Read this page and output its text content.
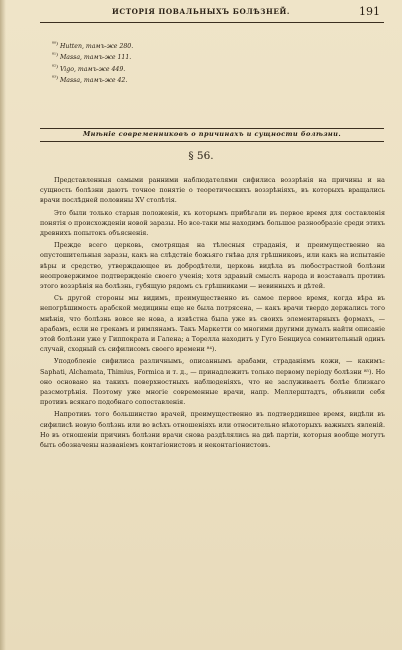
ИСТОРІЯ ПОВАЛЬНЫХЪ БОЛѢЗНЕЙ.	191
$^{^{80})}$ Hutten, тамъ-же 280.
$^{^{81})}$ Massa, тамъ-же 111.
$^{^{82})}$ Vigo, тамъ-же 449.
$^{^{83})}$ Massa, тамъ-же 42.
Мнѣніе современниковъ о причинахъ и сущности болѣзни.
§ 56.

Представленныя самыми ранними наблюдателями сифилиса воззрѣнія на причины и на сущность болѣзни даютъ точное понятіе о теоретическихъ воззрѣніяхъ, въ которыхъ вращались врачи послѣдней половины XV столѣтія.

Это были только старыя положенія, къ которымъ прибѣгали въ первое время для составленія понятія о происхожденіи новой заразы. Но все-таки мы находимъ большое разнообразіе среди этихъ древнихъ попытокъ объясненія.

Прежде всего церковь, смотрящая на тѣлесныя страданія, и преимущественно на опустошительныя заразы, какъ на слѣдствіе божьяго гнѣва для грѣшниковъ, или какъ на испытаніе вѣры и средство, утверждающее въ добродѣтели, церковь видѣла въ любострастной болѣзни неопровержимое подтвержденіе своего ученія; хотя здравый смыслъ народа и возставалъ противъ этого воззрѣнія на болѣзнь, губящую рядомъ съ грѣшниками — невинныхъ и дѣтей.

Съ другой стороны мы видимъ, преимущественно въ самое первое время, когда вѣра въ непогрѣшимость арабской медицины еще не была потрясена, — какъ врачи твердо держались того мнѣнія, что болѣзнь вовсе не нова, а извѣстна была уже въ своихъ элементарныхъ формахъ, — арабамъ, если не грекамъ и римлянамъ. Такъ Маркетти со многими другими думалъ найти описаніе этой болѣзни уже у Гиппократа и Галена; а Торелла находитъ у Гуго Бенциуса сомнительный одинъ случай, сходный съ сифилисомъ своего времени ⁸⁴).

Уподобленіе сифилиса различнымъ, описаннымъ арабами, страданіямъ кожи, — какимъ: Saphati, Alchamata, Thimius, Formica и т. д., — принадлежитъ только первому періоду болѣзни ⁸⁵). Но оно основано на такихъ поверхностныхъ наблюденіяхъ, что не заслуживаетъ болѣе близкаго разсмотрѣнія. Поэтому уже многіе современные врачи, напр. Меллерштадтъ, объявили себя противъ всякаго подобнаго сопоставленія.

Напротивъ того большинство врачей, преимущественно въ подтвердившее время, видѣли въ сифилисѣ новую болѣзнь или во всѣхъ отношеніяхъ или относительно нѣкоторыхъ важныхъ явленій. Но въ отношеніи причинъ болѣзни врачи снова раздѣлялись на двѣ партіи, которыя вообще могутъ быть обозначены названіемъ контагіонистовъ и неконтагіонистовъ.
